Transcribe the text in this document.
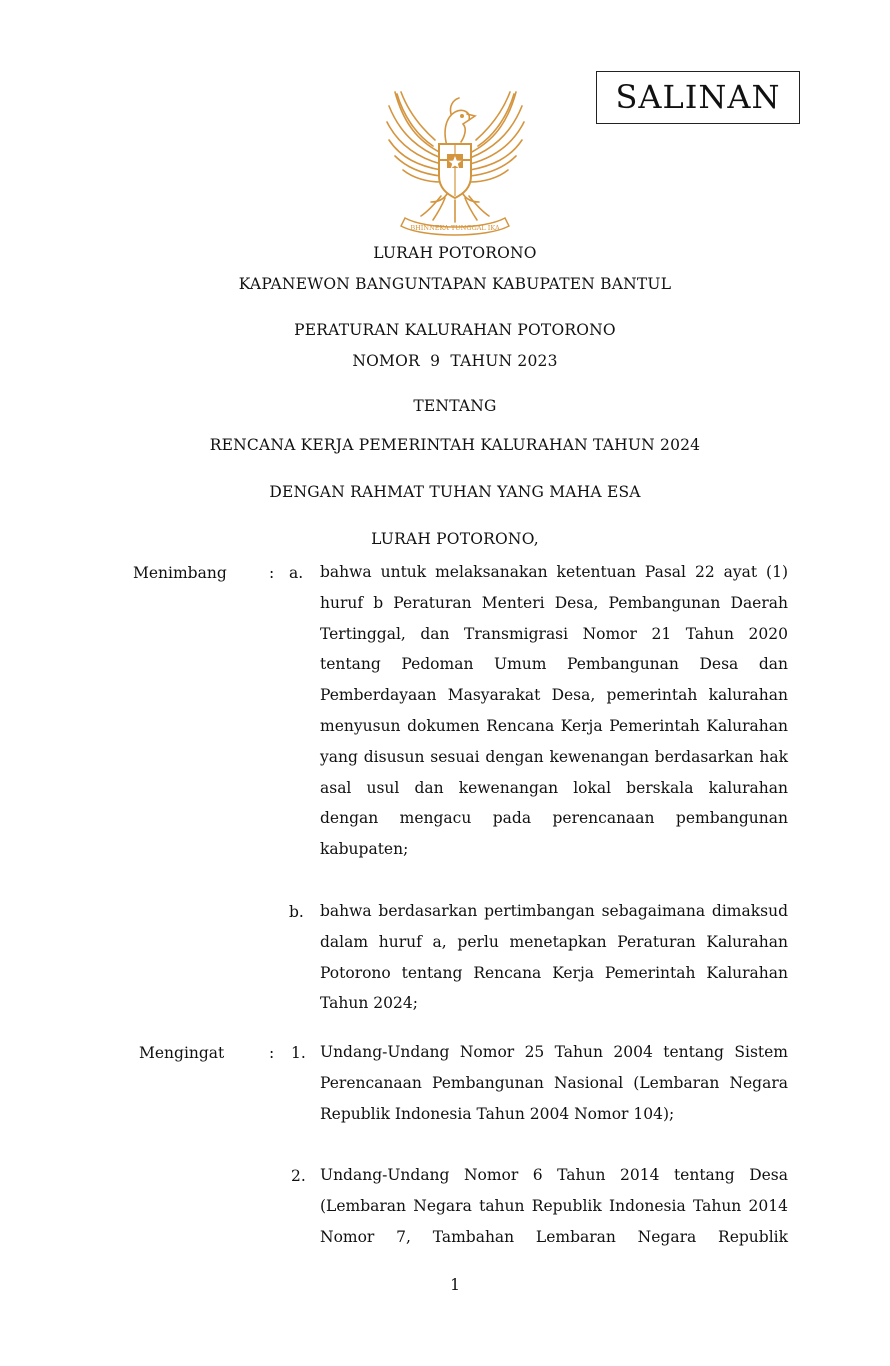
SALINAN
BHINNEKA TUNGGAL IKA
LURAH POTORONO
KAPANEWON BANGUNTAPAN KABUPATEN BANTUL
PERATURAN KALURAHAN POTORONO
NOMOR  9  TAHUN 2023
TENTANG
RENCANA KERJA PEMERINTAH KALURAHAN TAHUN 2024
DENGAN RAHMAT TUHAN YANG MAHA ESA
LURAH POTORONO,
Menimbang	: a. bahwa untuk melaksanakan ketentuan Pasal 22 ayat (1) huruf b Peraturan Menteri Desa, Pembangunan Daerah Tertinggal, dan Transmigrasi Nomor 21 Tahun 2020 tentang Pedoman Umum Pembangunan Desa dan Pemberdayaan Masyarakat Desa, pemerintah kalurahan menyusun dokumen Rencana Kerja Pemerintah Kalurahan yang disusun sesuai dengan kewenangan berdasarkan hak asal usul dan kewenangan lokal berskala kalurahan dengan mengacu pada perencanaan pembangunan kabupaten;
b. bahwa berdasarkan pertimbangan sebagaimana dimaksud dalam huruf a, perlu menetapkan Peraturan Kalurahan Potorono tentang Rencana Kerja Pemerintah Kalurahan Tahun 2024;
Mengingat	: 1. Undang-Undang Nomor 25 Tahun 2004 tentang Sistem Perencanaan Pembangunan Nasional (Lembaran Negara Republik Indonesia Tahun 2004 Nomor 104);
2. Undang-Undang Nomor 6 Tahun 2014 tentang Desa (Lembaran Negara tahun Republik Indonesia Tahun 2014 Nomor 7, Tambahan Lembaran Negara Republik
1
